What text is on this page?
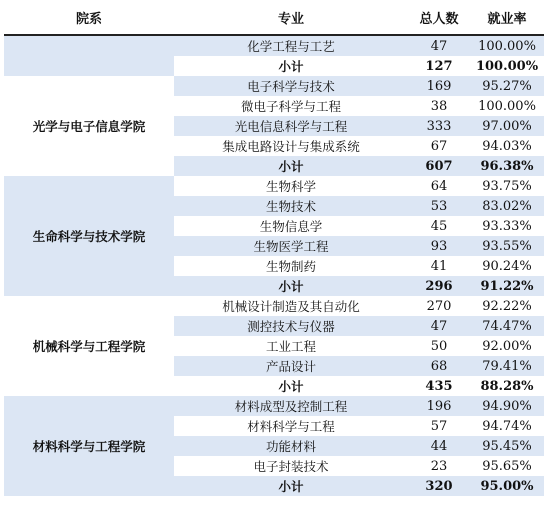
院系	专业	总人数	就业率
	化学工程与工艺	47	100.00%
	小计	127	100.00%
光学与电子信息学院	电子科学与技术	169	95.27%
	微电子科学与工程	38	100.00%
	光电信息科学与工程	333	97.00%
	集成电路设计与集成系统	67	94.03%
	小计	607	96.38%
生命科学与技术学院	生物科学	64	93.75%
	生物技术	53	83.02%
	生物信息学	45	93.33%
	生物医学工程	93	93.55%
	生物制药	41	90.24%
	小计	296	91.22%
机械科学与工程学院	机械设计制造及其自动化	270	92.22%
	测控技术与仪器	47	74.47%
	工业工程	50	92.00%
	产品设计	68	79.41%
	小计	435	88.28%
材料科学与工程学院	材料成型及控制工程	196	94.90%
	材料科学与工程	57	94.74%
	功能材料	44	95.45%
	电子封装技术	23	95.65%
	小计	320	95.00%
